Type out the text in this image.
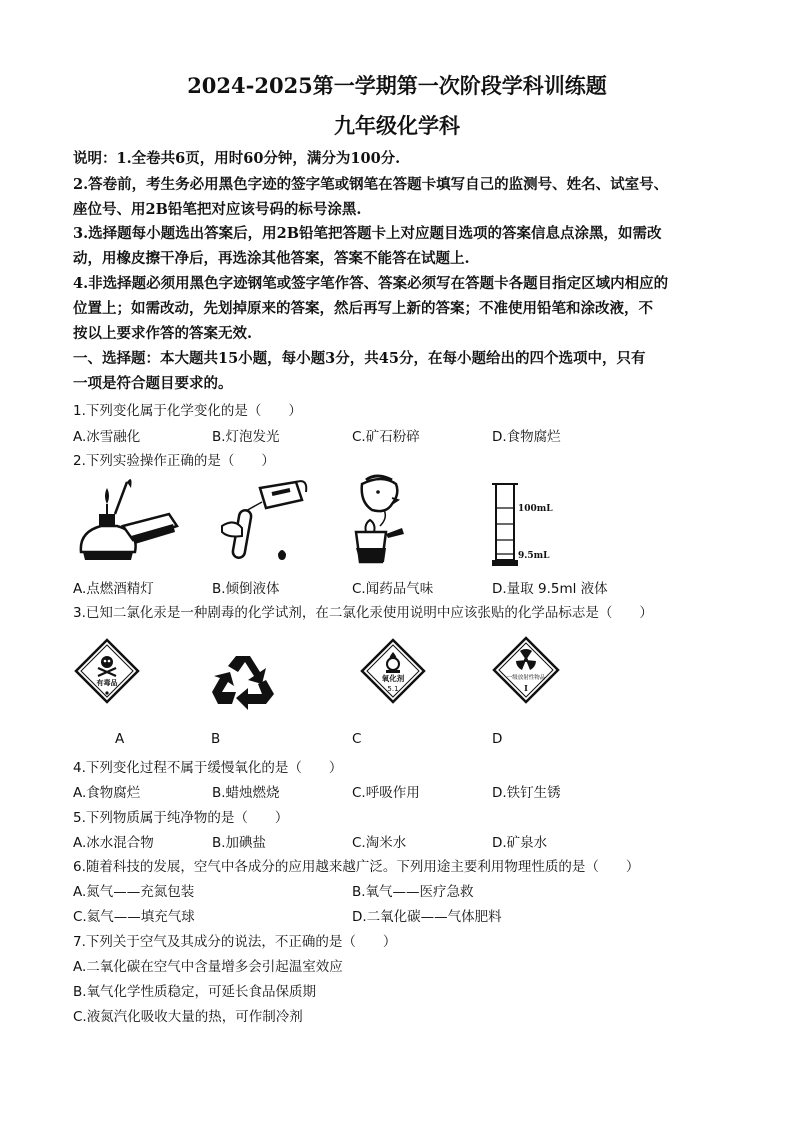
2024-2025第一学期第一次阶段学科训练题
九年级化学科
说明：1.全卷共6页，用时60分钟，满分为100分.
2.答卷前，考生务必用黑色字迹的签字笔或钢笔在答题卡填写自己的监测号、姓名、试室号、
座位号、用2B铅笔把对应该号码的标号涂黑.
3.选择题每小题选出答案后，用2B铅笔把答题卡上对应题目选项的答案信息点涂黑，如需改
动，用橡皮擦干净后，再选涂其他答案，答案不能答在试题上.
4.非选择题必须用黑色字迹钢笔或签字笔作答、答案必须写在答题卡各题目指定区域内相应的
位置上；如需改动，先划掉原来的答案，然后再写上新的答案；不准使用铅笔和涂改液，不
按以上要求作答的答案无效.
一、选择题：本大题共15小题，每小题3分，共45分，在每小题给出的四个选项中，只有
一项是符合题目要求的。
1.下列变化属于化学变化的是（　　）
A.冰雪融化	B.灯泡发光	C.矿石粉碎	D.食物腐烂
2.下列实验操作正确的是（　　）
100mL
9.5mL
A.点燃酒精灯	B.倾倒液体	C.闻药品气味	D.量取 9.5ml 液体
3.已知二氯化汞是一种剧毒的化学试剂，在二氯化汞使用说明中应该张贴的化学品标志是（　　）
有毒品	氧化剂
5.1
一级放射性物品
I
A	B	C	D
4.下列变化过程不属于缓慢氧化的是（　　）
A.食物腐烂	B.蜡烛燃烧	C.呼吸作用	D.铁钉生锈
5.下列物质属于纯净物的是（　　）
A.冰水混合物	B.加碘盐	C.淘米水	D.矿泉水
6.随着科技的发展，空气中各成分的应用越来越广泛。下列用途主要利用物理性质的是（　　）
A.氮气——充氮包装	B.氧气——医疗急救
C.氦气——填充气球	D.二氧化碳——气体肥料
7.下列关于空气及其成分的说法，不正确的是（　　）
A.二氧化碳在空气中含量增多会引起温室效应
B.氧气化学性质稳定，可延长食品保质期
C.液氮汽化吸收大量的热，可作制冷剂
